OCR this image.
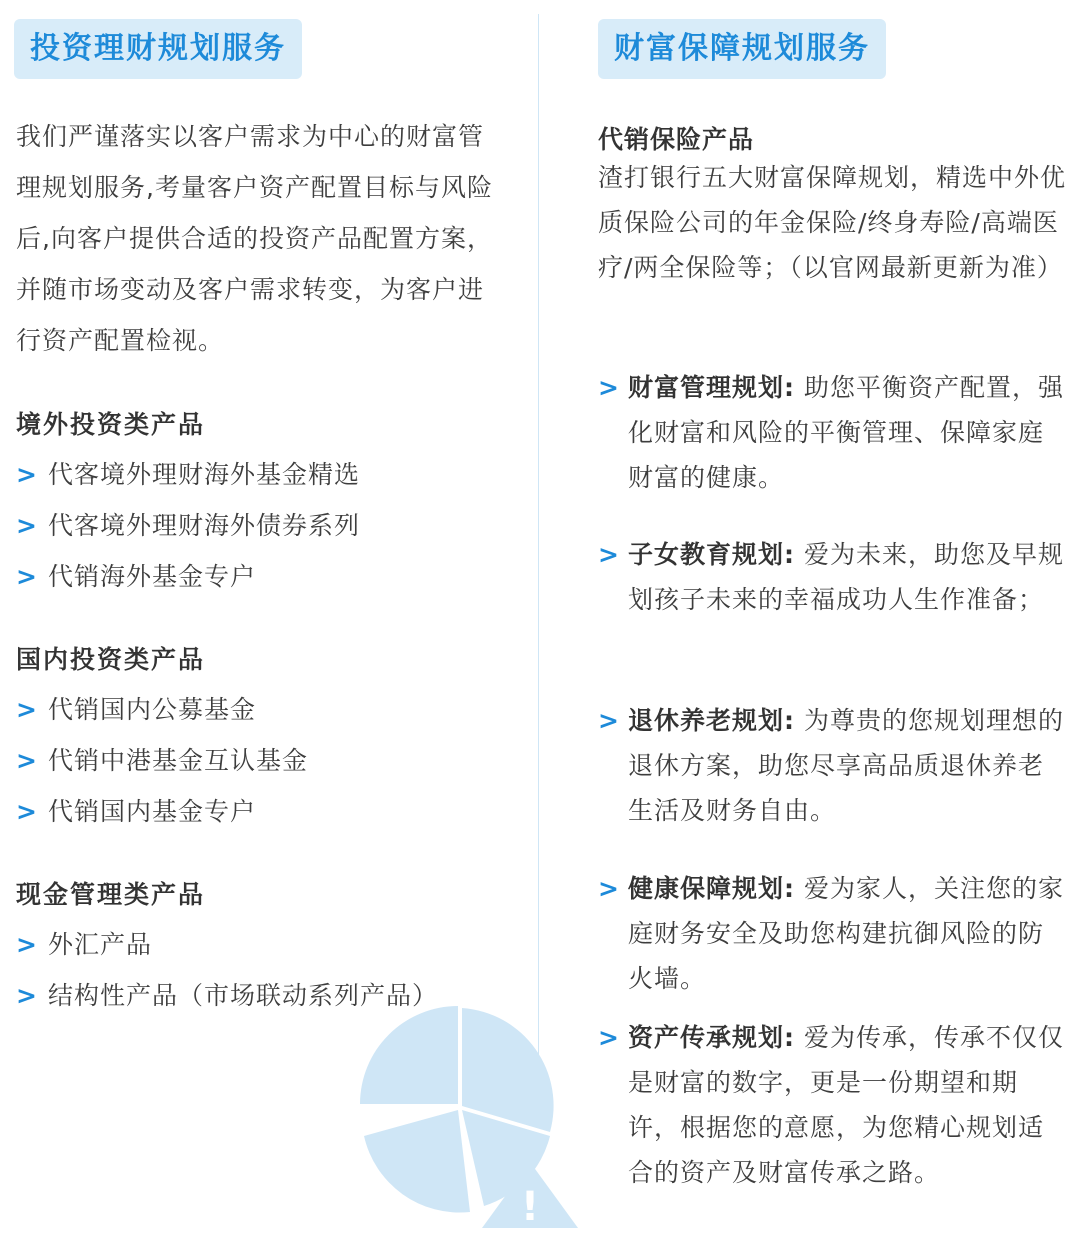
投资理财规划服务
我们严谨落实以客户需求为中心的财富管理规划服务,考量客户资产配置目标与风险后,向客户提供合适的投资产品配置方案，并随市场变动及客户需求转变，为客户进行资产配置检视。
境外投资类产品
> 代客境外理财海外基金精选
> 代客境外理财海外债券系列
> 代销海外基金专户
国内投资类产品
> 代销国内公募基金
> 代销中港基金互认基金
> 代销国内基金专户
现金管理类产品
> 外汇产品
> 结构性产品（市场联动系列产品）
!
财富保障规划服务
代销保险产品
渣打银行五大财富保障规划，精选中外优质保险公司的年金保险/终身寿险/高端医疗/两全保险等；（以官网最新更新为准）
> 财富管理规划: 助您平衡资产配置，强化财富和风险的平衡管理、保障家庭财富的健康。
> 子女教育规划: 爱为未来，助您及早规划孩子未来的幸福成功人生作准备；
> 退休养老规划: 为尊贵的您规划理想的退休方案，助您尽享高品质退休养老生活及财务自由。
> 健康保障规划: 爱为家人，关注您的家庭财务安全及助您构建抗御风险的防火墙。
> 资产传承规划: 爱为传承，传承不仅仅是财富的数字，更是一份期望和期许，根据您的意愿，为您精心规划适合的资产及财富传承之路。
